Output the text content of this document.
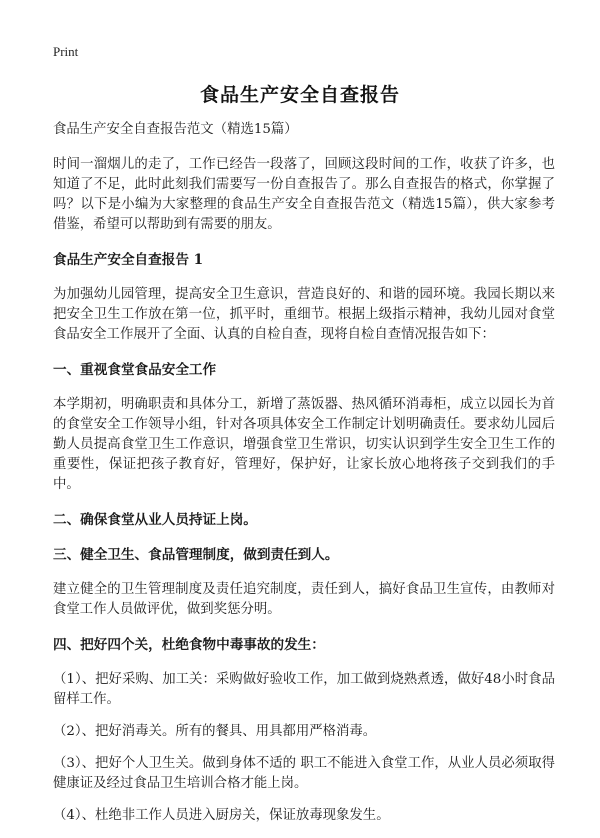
Print
食品生产安全自查报告

食品生产安全自查报告范文（精选15篇）

时间一溜烟儿的走了，工作已经告一段落了，回顾这段时间的工作，收获了许多，也知道了不足，此时此刻我们需要写一份自查报告了。那么自查报告的格式，你掌握了吗？以下是小编为大家整理的食品生产安全自查报告范文（精选15篇），供大家参考借鉴，希望可以帮助到有需要的朋友。

食品生产安全自查报告 1

为加强幼儿园管理，提高安全卫生意识，营造良好的、和谐的园环境。我园长期以来把安全卫生工作放在第一位，抓平时，重细节。根据上级指示精神，我幼儿园对食堂食品安全工作展开了全面、认真的自检自查，现将自检自查情况报告如下：

一、重视食堂食品安全工作

本学期初，明确职责和具体分工，新增了蒸饭器、热风循环消毒柜，成立以园长为首的食堂安全工作领导小组，针对各项具体安全工作制定计划明确责任。要求幼儿园后勤人员提高食堂卫生工作意识，增强食堂卫生常识，切实认识到学生安全卫生工作的重要性，保证把孩子教育好，管理好，保护好，让家长放心地将孩子交到我们的手中。

二、确保食堂从业人员持证上岗。
三、健全卫生、食品管理制度，做到责任到人。

建立健全的卫生管理制度及责任追究制度，责任到人，搞好食品卫生宣传，由教师对食堂工作人员做评优，做到奖惩分明。

四、把好四个关，杜绝食物中毒事故的发生：

（1）、把好采购、加工关：采购做好验收工作，加工做到烧熟煮透，做好48小时食品留样工作。

（2）、把好消毒关。所有的餐具、用具都用严格消毒。

（3）、把好个人卫生关。做到身体不适的 职工不能进入食堂工作，从业人员必须取得健康证及经过食品卫生培训合格才能上岗。

（4）、杜绝非工作人员进入厨房关，保证放毒现象发生。
